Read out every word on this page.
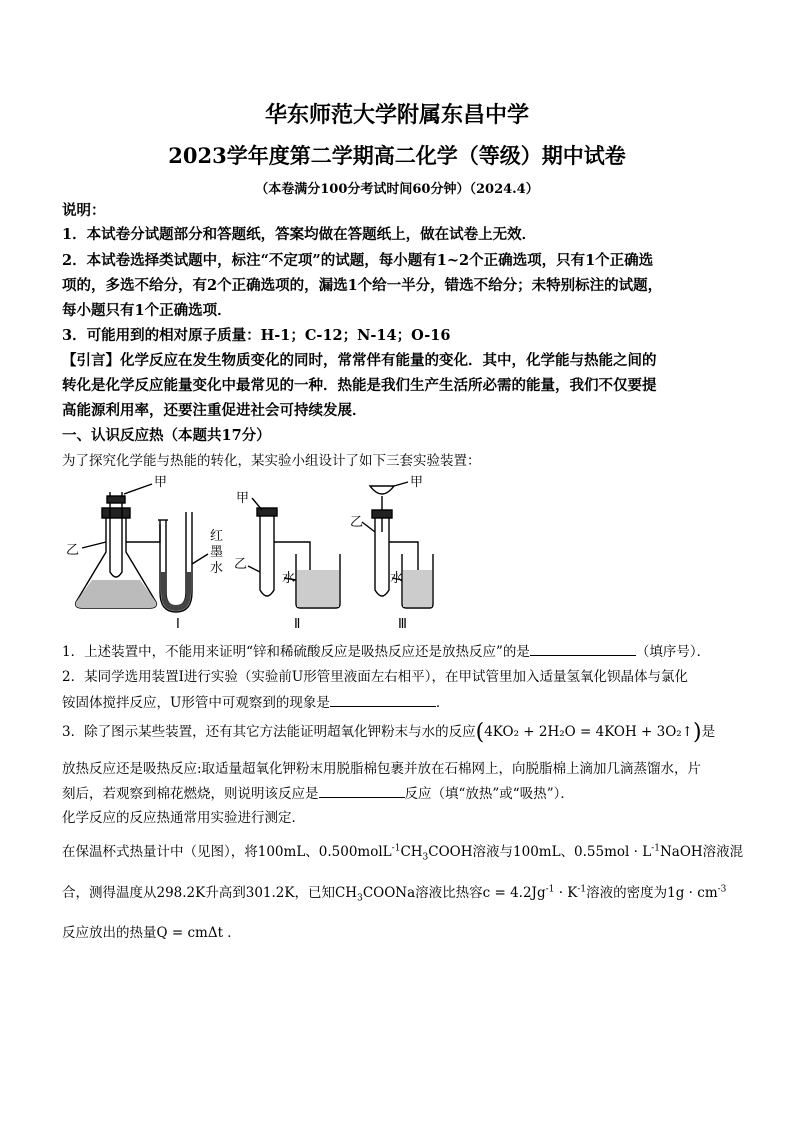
华东师范大学附属东昌中学
2023学年度第二学期高二化学（等级）期中试卷
（本卷满分100分考试时间60分钟）（2024.4）
说明：
1．本试卷分试题部分和答题纸，答案均做在答题纸上，做在试卷上无效．
2．本试卷选择类试题中，标注“不定项”的试题，每小题有1~2个正确选项，只有1个正确选
项的，多选不给分，有2个正确选项的，漏选1个给一半分，错选不给分；未特别标注的试题，
每小题只有1个正确选项．
3．可能用到的相对原子质量：H-1；C-12；N-14；O-16
【引言】化学反应在发生物质变化的同时，常常伴有能量的变化．其中，化学能与热能之间的
转化是化学反应能量变化中最常见的一种．热能是我们生产生活所必需的能量，我们不仅要提
高能源利用率，还要注重促进社会可持续发展．
一、认识反应热（本题共17分）
为了探究化学能与热能的转化，某实验小组设计了如下三套实验装置：
甲
乙
红
墨
水
I
甲
乙
水
Ⅱ
甲
乙
水
Ⅲ
1．上述装置中，不能用来证明“锌和稀硫酸反应是吸热反应还是放热反应”的是	（填序号）．
2．某同学选用装置I进行实验（实验前U形管里液面左右相平），在甲试管里加入适量氢氧化钡晶体与氯化
铵固体搅拌反应，U形管中可观察到的现象是	．
3．除了图示某些装置，还有其它方法能证明超氧化钾粉末与水的反应(4KO₂ + 2H₂O = 4KOH + 3O₂↑)是
放热反应还是吸热反应:取适量超氧化钾粉末用脱脂棉包裹并放在石棉网上，向脱脂棉上滴加几滴蒸馏水，片
刻后，若观察到棉花燃烧，则说明该反应是	反应（填“放热”或“吸热”）．
化学反应的反应热通常用实验进行测定．
在保温杯式热量计中（见图），将100mL、$0.500molL^{-1}CH_3COOH$溶液与100mL、$0.55mol \cdot L^{-1}NaOH$溶液混
合，测得温度从298.2K升高到301.2K，已知$CH_3COONa$溶液比热容$c = 4.2Jg^{-1} \cdot K^{-1}$溶液的密度为$1g \cdot cm^{-3}$
反应放出的热量Q = cmΔt ．
